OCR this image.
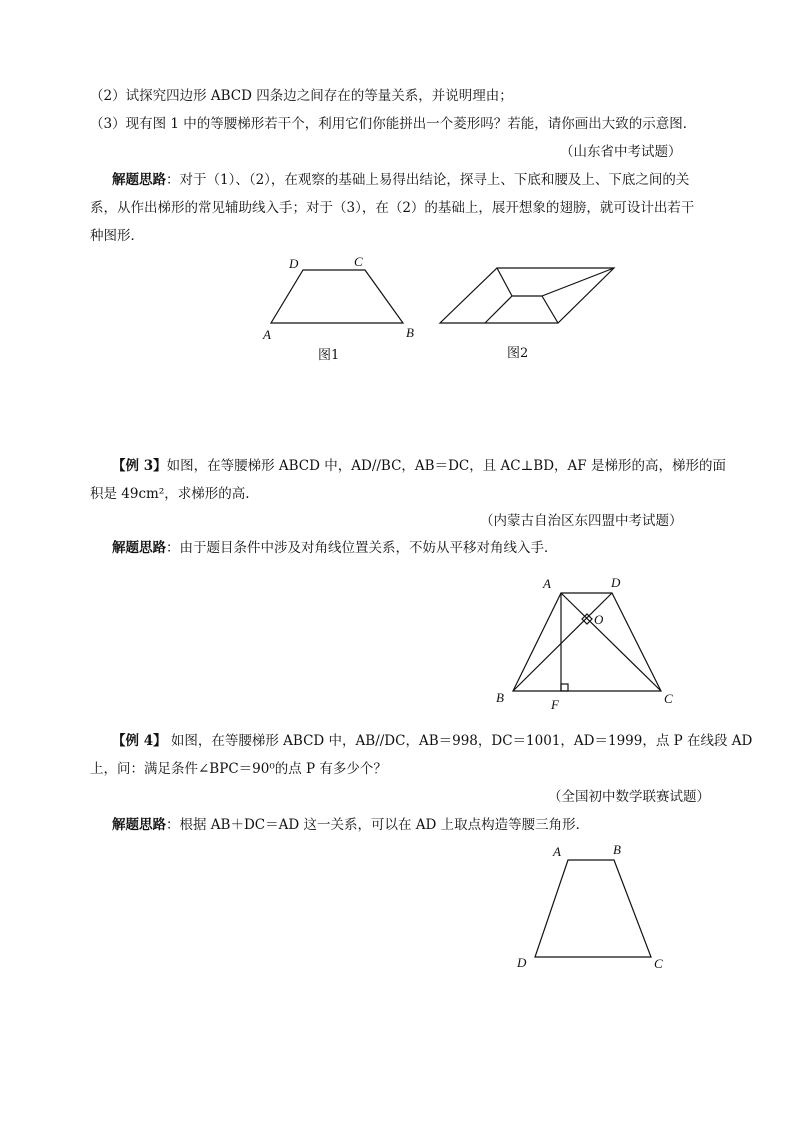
（2）试探究四边形 ABCD 四条边之间存在的等量关系，并说明理由；
（3）现有图 1 中的等腰梯形若干个，利用它们你能拼出一个菱形吗？若能，请你画出大致的示意图．
（山东省中考试题）
解题思路：对于（1）、（2），在观察的基础上易得出结论，探寻上、下底和腰及上、下底之间的关
系，从作出梯形的常见辅助线入手；对于（3），在（2）的基础上，展开想象的翅膀，就可设计出若干
种图形．
【例 3】如图，在等腰梯形 ABCD 中，AD//BC，AB＝DC，且 AC⊥BD，AF 是梯形的高，梯形的面
积是 49cm²，求梯形的高.
（内蒙古自治区东四盟中考试题）
解题思路：由于题目条件中涉及对角线位置关系，不妨从平移对角线入手．
【例 4】 如图，在等腰梯形 ABCD 中，AB//DC，AB＝998，DC＝1001，AD＝1999，点 P 在线段 AD
上，问：满足条件∠BPC＝90⁰的点 P 有多少个？
（全国初中数学联赛试题）
解题思路：根据 AB＋DC＝AD 这一关系，可以在 AD 上取点构造等腰三角形．
A	B
C
D
A	D
B	C
O
F
A	B
D	C
图1	图2
